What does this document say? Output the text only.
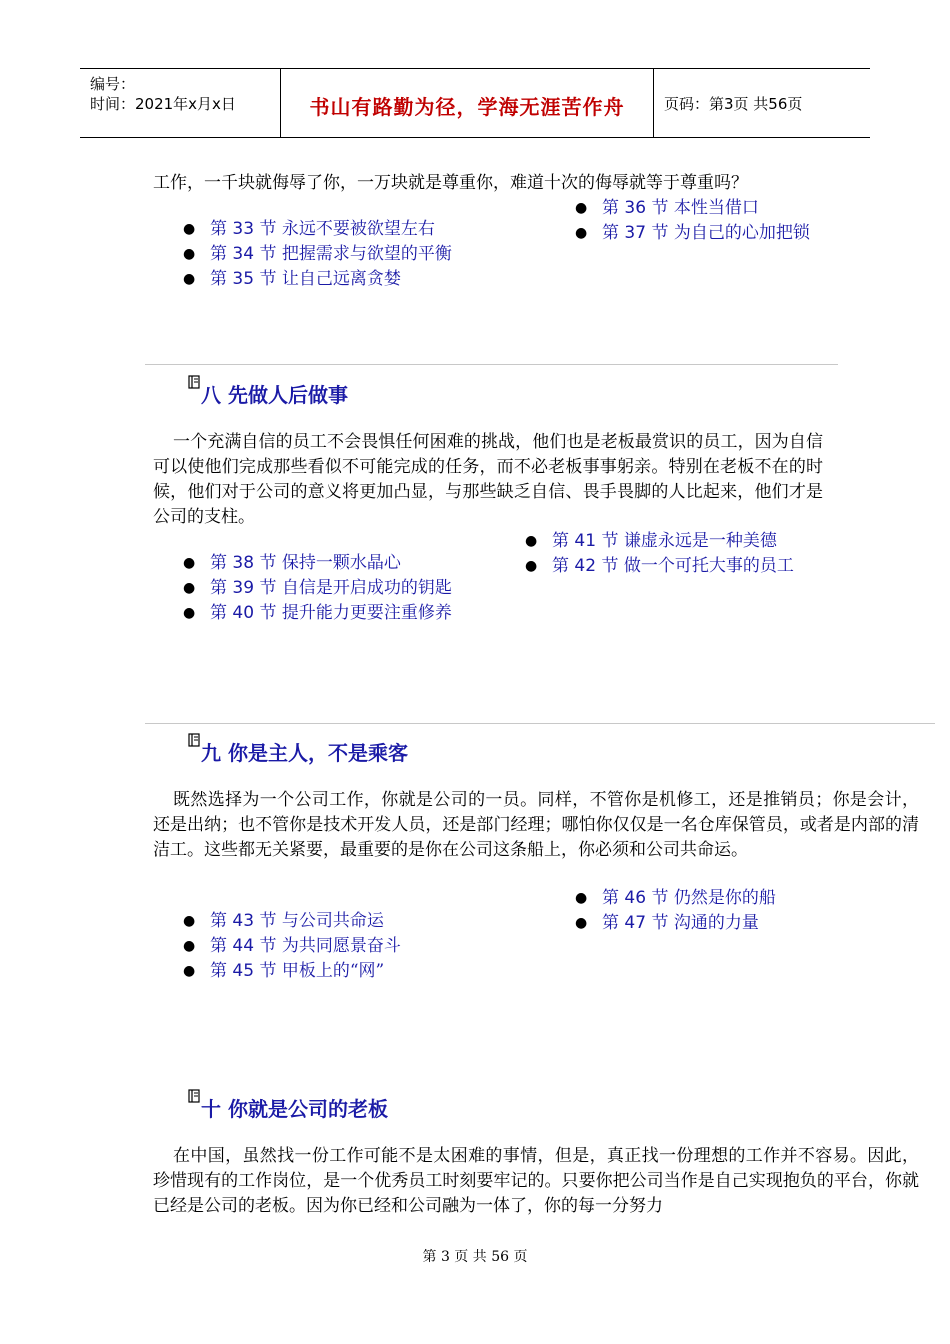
编号：
时间：2021年x月x日	书山有路勤为径，学海无涯苦作舟	页码：第3页 共56页
工作，一千块就侮辱了你，一万块就是尊重你，难道十次的侮辱就等于尊重吗？
● 第 33 节 永远不要被欲望左右
● 第 34 节 把握需求与欲望的平衡
● 第 35 节 让自己远离贪婪
● 第 36 节 本性当借口
● 第 37 节 为自己的心加把锁
八 先做人后做事
一个充满自信的员工不会畏惧任何困难的挑战，他们也是老板最赏识的员工，因为自信可以使他们完成那些看似不可能完成的任务，而不必老板事事躬亲。特别在老板不在的时候，他们对于公司的意义将更加凸显，与那些缺乏自信、畏手畏脚的人比起来，他们才是公司的支柱。
● 第 38 节 保持一颗水晶心
● 第 39 节 自信是开启成功的钥匙
● 第 40 节 提升能力更要注重修养
● 第 41 节 谦虚永远是一种美德
● 第 42 节 做一个可托大事的员工
九 你是主人，不是乘客
既然选择为一个公司工作，你就是公司的一员。同样，不管你是机修工，还是推销员；你是会计，还是出纳；也不管你是技术开发人员，还是部门经理；哪怕你仅仅是一名仓库保管员，或者是内部的清洁工。这些都无关紧要，最重要的是你在公司这条船上，你必须和公司共命运。
● 第 43 节 与公司共命运
● 第 44 节 为共同愿景奋斗
● 第 45 节 甲板上的“网”
● 第 46 节 仍然是你的船
● 第 47 节 沟通的力量
十 你就是公司的老板
在中国，虽然找一份工作可能不是太困难的事情，但是，真正找一份理想的工作并不容易。因此，珍惜现有的工作岗位，是一个优秀员工时刻要牢记的。只要你把公司当作是自己实现抱负的平台，你就已经是公司的老板。因为你已经和公司融为一体了，你的每一分努力
第 3 页 共 56 页
